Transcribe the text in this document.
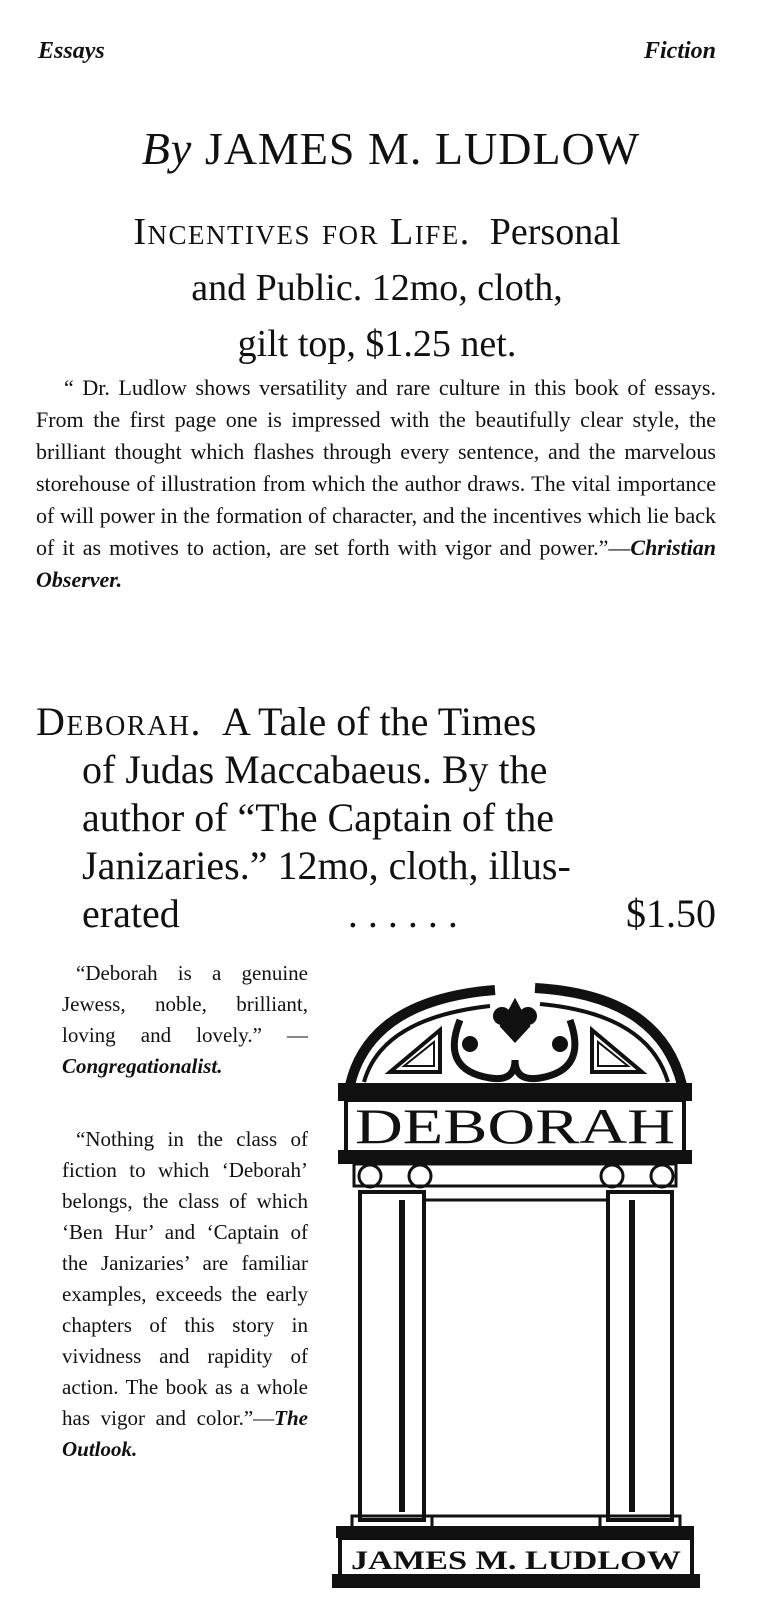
Essays	Fiction
By JAMES M. LUDLOW
Incentives for Life. Personal
and Public. 12mo, cloth,
gilt top, $1.25 net.

“ Dr. Ludlow shows versatility and rare culture in this book of essays. From the first page one is impressed with the beautifully clear style, the brilliant thought which flashes through every sentence, and the marvelous storehouse of illustration from which the author draws. The vital importance of will power in the formation of character, and the incentives which lie back of it as motives to action, are set forth with vigor and power.”—Christian Observer.

Deborah. A Tale of the Times
of Judas Maccabaeus. By the
author of “The Captain of the
Janizaries.” 12mo, cloth, illus-
erated	. . . . . .	$1.50

“Deborah is a genuine Jewess, noble, brilliant, loving and lovely.” — Congregationalist.

“Nothing in the class of fiction to which ‘Deborah’ belongs, the class of which ‘Ben Hur’ and ‘Captain of the Janizaries’ are familiar examples, exceeds the early chapters of this story in vividness and rapidity of action. The book as a whole has vigor and color.”—The Outlook.

DEBORAH
JAMES M. LUDLOW
